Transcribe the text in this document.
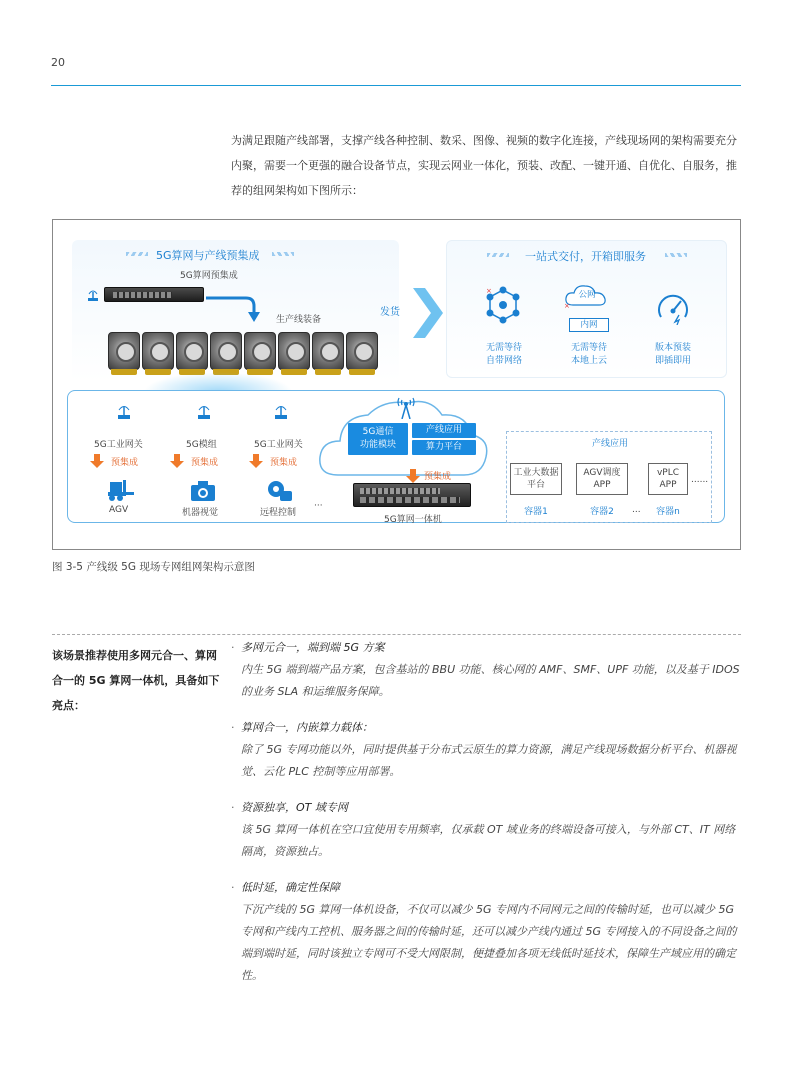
20
为满足跟随产线部署，支撑产线各种控制、数采、图像、视频的数字化连接，产线现场网的架构需要充分内聚，需要一个更强的融合设备节点，实现云网业一体化，预装、改配、一键开通、自优化、自服务，推荐的组网架构如下图所示：
5G算网与产线预集成
5G算网预集成
生产线装备
发货
一站式交付，开箱即服务
×
无需等待
自带网络
×
公网
内网
无需等待
本地上云
版本预装
即插即用
5G工业网关
预集成
AGV
5G模组
预集成
机器视觉
5G工业网关
预集成
远程控制
···
5G通信
功能模块
产线应用
算力平台
预集成
5G算网一体机
产线应用
工业大数据
平台
容器1
AGV调度
APP
容器2	...
vPLC
APP
容器n
......
图 3-5 产线级 5G 现场专网组网架构示意图
该场景推荐使用多网元合一、算网合一的 5G 算网一体机，具备如下亮点：
· 多网元合一，端到端 5G 方案
内生 5G 端到端产品方案，包含基站的 BBU 功能、核心网的 AMF、SMF、UPF 功能，以及基于 IDOS 的业务 SLA 和运维服务保障。
· 算网合一，内嵌算力载体：
除了 5G 专网功能以外，同时提供基于分布式云原生的算力资源，满足产线现场数据分析平台、机器视觉、云化 PLC 控制等应用部署。
· 资源独享，OT 域专网
该 5G 算网一体机在空口宜使用专用频率，仅承载 OT 域业务的终端设备可接入，与外部 CT、IT 网络隔离，资源独占。
· 低时延，确定性保障
下沉产线的 5G 算网一体机设备，不仅可以减少 5G 专网内不同网元之间的传输时延，也可以减少 5G 专网和产线内工控机、服务器之间的传输时延，还可以减少产线内通过 5G 专网接入的不同设备之间的端到端时延，同时该独立专网可不受大网限制，便捷叠加各项无线低时延技术，保障生产域应用的确定性。
